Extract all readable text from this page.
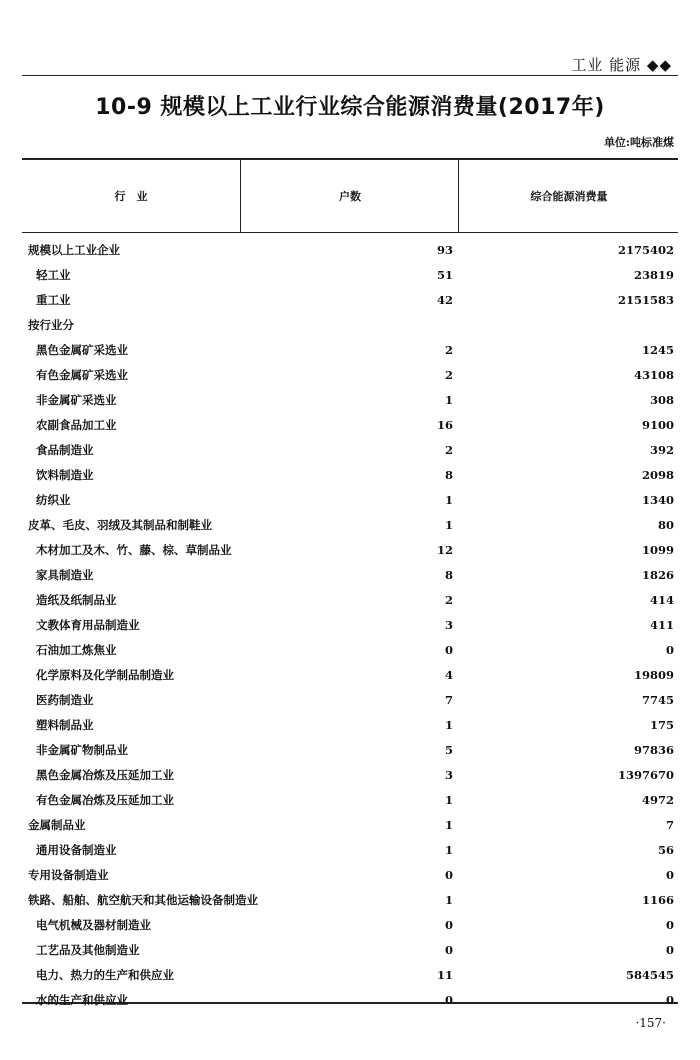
工业 能源 ◆◆
10-9 规模以上工业行业综合能源消费量(2017年)
单位:吨标准煤
行　业	户数	综合能源消费量
规模以上工业企业	93	2175402
轻工业	51	23819
重工业	42	2151583
按行业分
黑色金属矿采选业	2	1245
有色金属矿采选业	2	43108
非金属矿采选业	1	308
农副食品加工业	16	9100
食品制造业	2	392
饮料制造业	8	2098
纺织业	1	1340
皮革、毛皮、羽绒及其制品和制鞋业	1	80
木材加工及木、竹、藤、棕、草制品业	12	1099
家具制造业	8	1826
造纸及纸制品业	2	414
文教体育用品制造业	3	411
石油加工炼焦业	0	0
化学原料及化学制品制造业	4	19809
医药制造业	7	7745
塑料制品业	1	175
非金属矿物制品业	5	97836
黑色金属冶炼及压延加工业	3	1397670
有色金属冶炼及压延加工业	1	4972
金属制品业	1	7
通用设备制造业	1	56
专用设备制造业	0	0
铁路、船舶、航空航天和其他运输设备制造业	1	1166
电气机械及器材制造业	0	0
工艺品及其他制造业	0	0
电力、热力的生产和供应业	11	584545
水的生产和供应业	0	0
·157·
